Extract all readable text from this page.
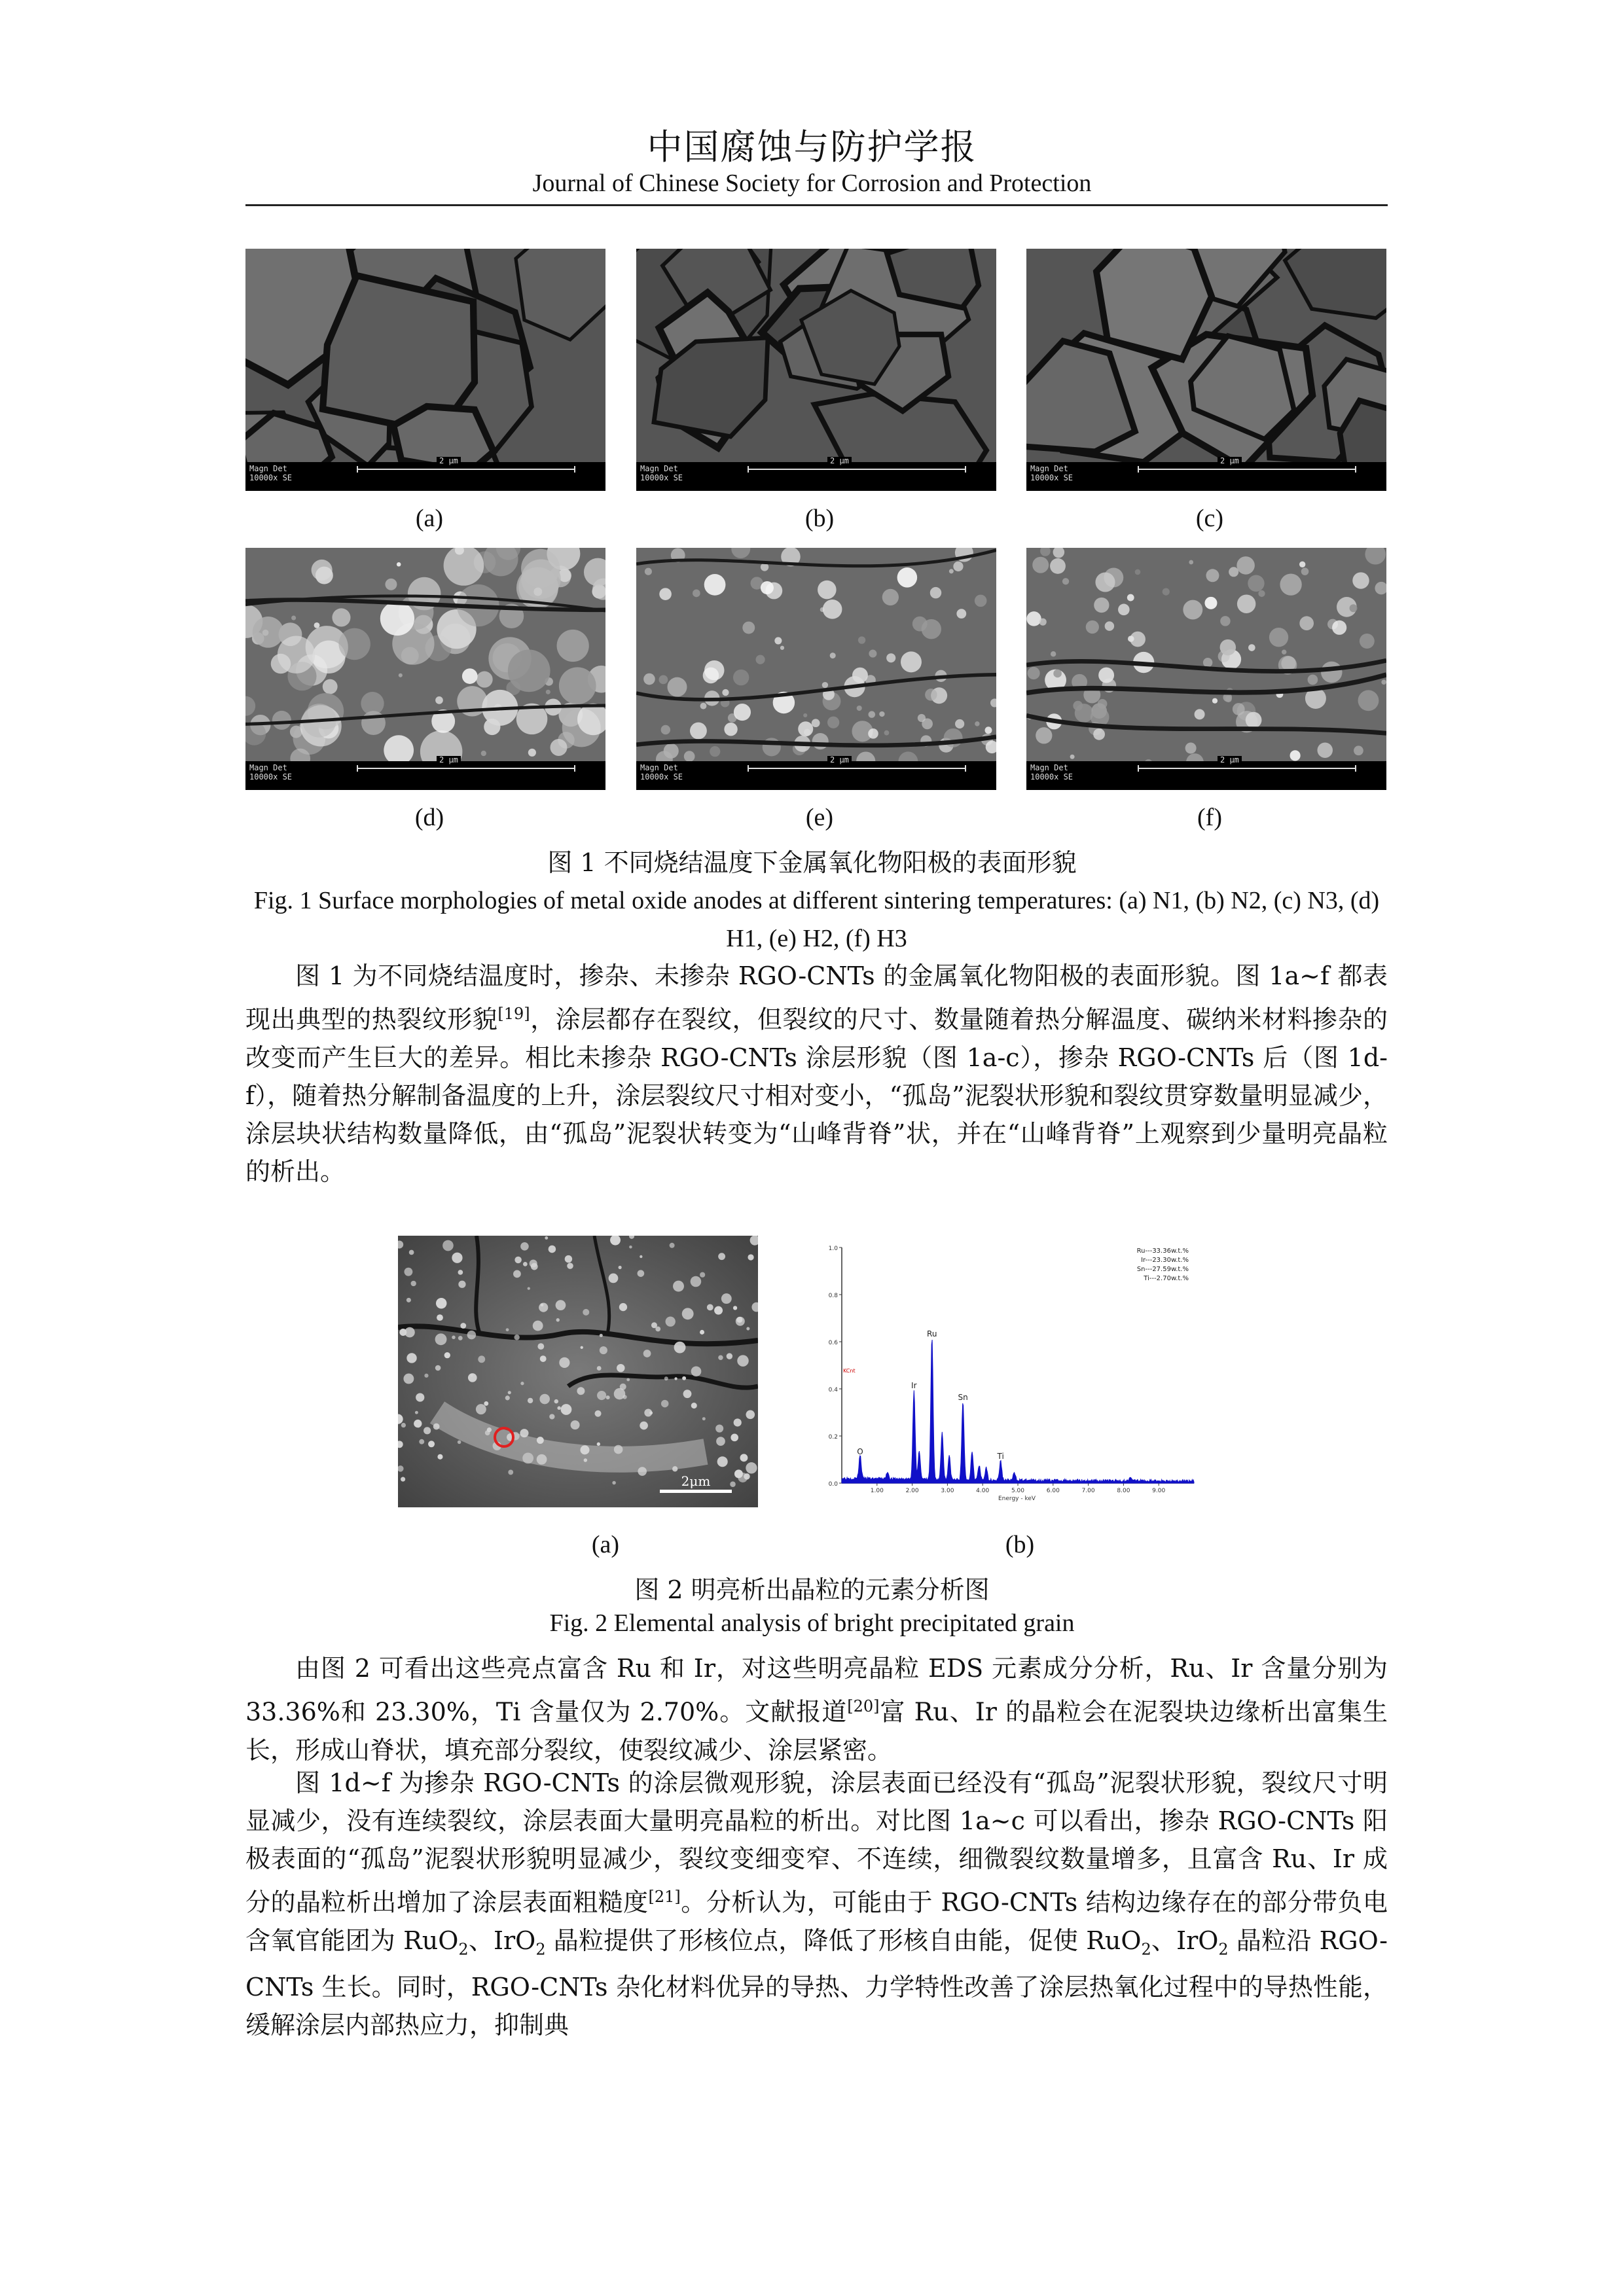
中国腐蚀与防护学报
Journal of Chinese Society for Corrosion and Protection
Magn Det
10000x SE
2 μm
Magn Det
10000x SE
2 μm
Magn Det
10000x SE
2 μm
Magn Det
10000x SE
2 μm
Magn Det
10000x SE
2 μm
Magn Det
10000x SE
2 μm
(a)	(b)	(c)
(d)	(e)	(f)
图 1 不同烧结温度下金属氧化物阳极的表面形貌
Fig. 1 Surface morphologies of metal oxide anodes at different sintering temperatures: (a) N1, (b) N2, (c) N3, (d) H1, (e) H2, (f) H3

图 1 为不同烧结温度时，掺杂、未掺杂 RGO-CNTs 的金属氧化物阳极的表面形貌。图 1a~f 都表现出典型的热裂纹形貌[19]，涂层都存在裂纹，但裂纹的尺寸、数量随着热分解温度、碳纳米材料掺杂的改变而产生巨大的差异。相比未掺杂 RGO-CNTs 涂层形貌（图 1a-c），掺杂 RGO-CNTs 后（图 1d-f），随着热分解制备温度的上升，涂层裂纹尺寸相对变小，“孤岛”泥裂状形貌和裂纹贯穿数量明显减少，涂层块状结构数量降低，由“孤岛”泥裂状转变为“山峰背脊”状，并在“山峰背脊”上观察到少量明亮晶粒的析出。

2μm	0.0
0.2
0.4
0.6
0.8
1.0
1.00	2.00	3.00	4.00	5.00	6.00	7.00	8.00	9.00
Energy - keV
KCnt
O
Ir
Ru
Sn
Ti
Ru---33.36w.t.%
Ir---23.30w.t.%
Sn---27.59w.t.%
Ti---2.70w.t.%
(a)	(b)
图 2 明亮析出晶粒的元素分析图
Fig. 2 Elemental analysis of bright precipitated grain

由图 2 可看出这些亮点富含 Ru 和 Ir，对这些明亮晶粒 EDS 元素成分分析，Ru、Ir 含量分别为 33.36%和 23.30%，Ti 含量仅为 2.70%。文献报道[20]富 Ru、Ir 的晶粒会在泥裂块边缘析出富集生长，形成山脊状，填充部分裂纹，使裂纹减少、涂层紧密。

图 1d~f 为掺杂 RGO-CNTs 的涂层微观形貌，涂层表面已经没有“孤岛”泥裂状形貌，裂纹尺寸明显减少，没有连续裂纹，涂层表面大量明亮晶粒的析出。对比图 1a~c 可以看出，掺杂 RGO-CNTs 阳极表面的“孤岛”泥裂状形貌明显减少，裂纹变细变窄、不连续，细微裂纹数量增多，且富含 Ru、Ir 成分的晶粒析出增加了涂层表面粗糙度[21]。分析认为，可能由于 RGO-CNTs 结构边缘存在的部分带负电含氧官能团为 RuO$_2$、IrO$_2$ 晶粒提供了形核位点，降低了形核自由能，促使 RuO$_2$、IrO$_2$ 晶粒沿 RGO-CNTs 生长。同时，RGO-CNTs 杂化材料优异的导热、力学特性改善了涂层热氧化过程中的导热性能，缓解涂层内部热应力，抑制典
